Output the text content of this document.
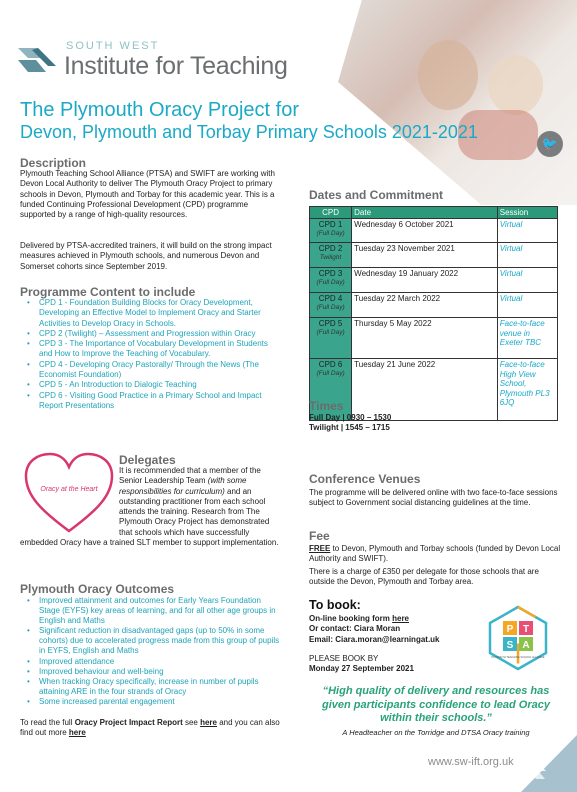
🐦
SOUTH WEST
Institute for Teaching
The Plymouth Oracy Project for
Devon, Plymouth and Torbay Primary Schools 2021-2021
Description

Plymouth Teaching School Alliance (PTSA) and SWIFT are working with Devon Local Authority to deliver The Plymouth Oracy Project to primary schools in Devon, Plymouth and Torbay for this academic year. This is a funded Continuing Professional Development (CPD) programme supported by a range of high-quality resources.

Delivered by PTSA-accredited trainers, it will build on the strong impact measures achieved in Plymouth schools, and numerous Devon and Somerset cohorts since September 2019.

Programme Content to include
• CPD 1 - Foundation Building Blocks for Oracy Development, Developing an Effective Model to Implement Oracy and Starter Activities to Develop Oracy in Schools.
• CPD 2 (Twilight) – Assessment and Progression within Oracy
• CPD 3 - The Importance of Vocabulary Development in Students and How to Improve the Teaching of Vocabulary.
• CPD 4 - Developing Oracy Pastorally/ Through the News (The Economist Foundation)
• CPD 5 - An Introduction to Dialogic Teaching
• CPD 6 - Visiting Good Practice in a Primary School and Impact Report Presentations
Oracy at the Heart
Delegates

It is recommended that a member of the Senior Leadership Team (with some responsibilities for curriculum) and an outstanding practitioner from each school attends the training. Research from The Plymouth Oracy Project has demonstrated that schools which have successfully
embedded Oracy have a trained SLT member to support implementation.

Plymouth Oracy Outcomes
• Improved attainment and outcomes for Early Years Foundation Stage (EYFS) key areas of learning, and for all other age groups in English and Maths
• Significant reduction in disadvantaged gaps (up to 50% in some cohorts) due to accelerated progress made from this group of pupils in EYFS, English and Maths
• Improved attendance
• Improved behaviour and well-being
• When tracking Oracy specifically, increase in number of pupils attaining ARE in the four strands of Oracy
• Some increased parental engagement

To read the full Oracy Project Impact Report see here and you can also find out more here

Dates and Commitment
CPD	Date	Session
CPD 1
(Full Day)	Wednesday 6 October 2021	Virtual
CPD 2
Twilight	Tuesday 23 November 2021	Virtual
CPD 3
(Full Day)	Wednesday 19 January 2022	Virtual
CPD 4
(Full Day)	Tuesday 22 March 2022	Virtual
CPD 5
(Full Day)	Thursday 5 May 2022	Face-to-face venue in Exeter TBC
CPD 6
(Full Day)	Tuesday 21 June 2022	Face-to-face High View School, Plymouth PL3 6JQ
Times
Full Day | 0930 – 1530
Twilight | 1545 – 1715
Conference Venues

The programme will be delivered online with two face-to-face sessions subject to Government social distancing guidelines at the time.

Fee

FREE to Devon, Plymouth and Torbay schools (funded by Devon Local Authority and SWIFT).

There is a charge of £350 per delegate for those schools that are outside the Devon, Plymouth and Torbay area.

To book:
On-line booking form here
Or contact: Ciara Moran
Email: Ciara.moran@learningat.uk
PLEASE BOOK BY
Monday 27 September 2021
P T
S A
PLYMOUTH TEACHING SCHOOL ALLIANCE
“High quality of delivery and resources has given participants confidence to lead Oracy within their schools.”
A Headteacher on the Torridge and DTSA Oracy training
www.sw-ift.org.uk
